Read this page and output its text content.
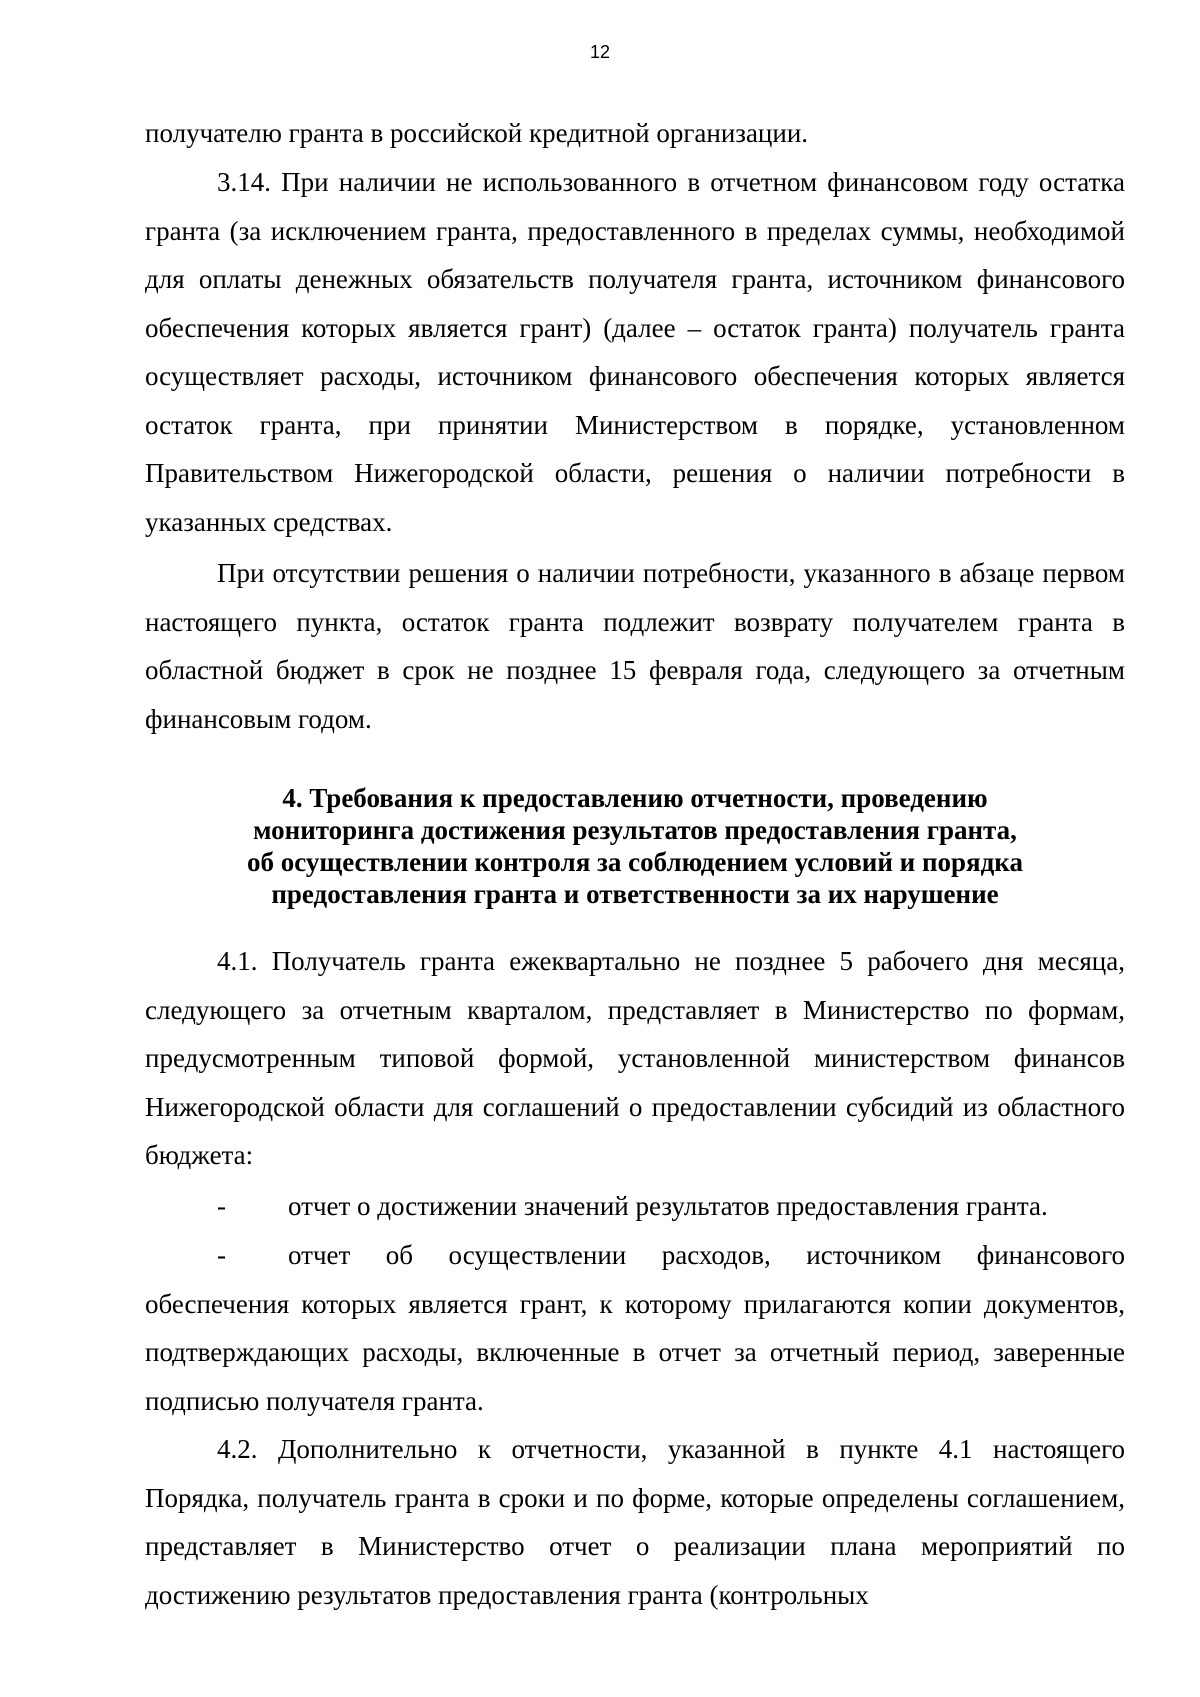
12

получателю гранта в российской кредитной организации.

3.14. При наличии не использованного в отчетном финансовом году остатка гранта (за исключением гранта, предоставленного в пределах суммы, необходимой для оплаты денежных обязательств получателя гранта, источником финансового обеспечения которых является грант) (далее – остаток гранта) получатель гранта осуществляет расходы, источником финансового обеспечения которых является остаток гранта, при принятии Министерством в порядке, установленном Правительством Нижегородской области, решения о наличии потребности в указанных средствах.

При отсутствии решения о наличии потребности, указанного в абзаце первом настоящего пункта, остаток гранта подлежит возврату получателем гранта в областной бюджет в срок не позднее 15 февраля года, следующего за отчетным финансовым годом.

4. Требования к предоставлению отчетности, проведению
мониторинга достижения результатов предоставления гранта,
об осуществлении контроля за соблюдением условий и порядка
предоставления гранта и ответственности за их нарушение

4.1. Получатель гранта ежеквартально не позднее 5 рабочего дня месяца, следующего за отчетным кварталом, представляет в Министерство по формам, предусмотренным типовой формой, установленной министерством финансов Нижегородской области для соглашений о предоставлении субсидий из областного бюджета:

-	отчет о достижении значений результатов предоставления гранта.

-	отчет об осуществлении расходов, источником финансового обеспечения которых является грант, к которому прилагаются копии документов, подтверждающих расходы, включенные в отчет за отчетный период, заверенные подписью получателя гранта.

4.2. Дополнительно к отчетности, указанной в пункте 4.1 настоящего Порядка, получатель гранта в сроки и по форме, которые определены соглашением, представляет в Министерство отчет о реализации плана мероприятий по достижению результатов предоставления гранта (контрольных
